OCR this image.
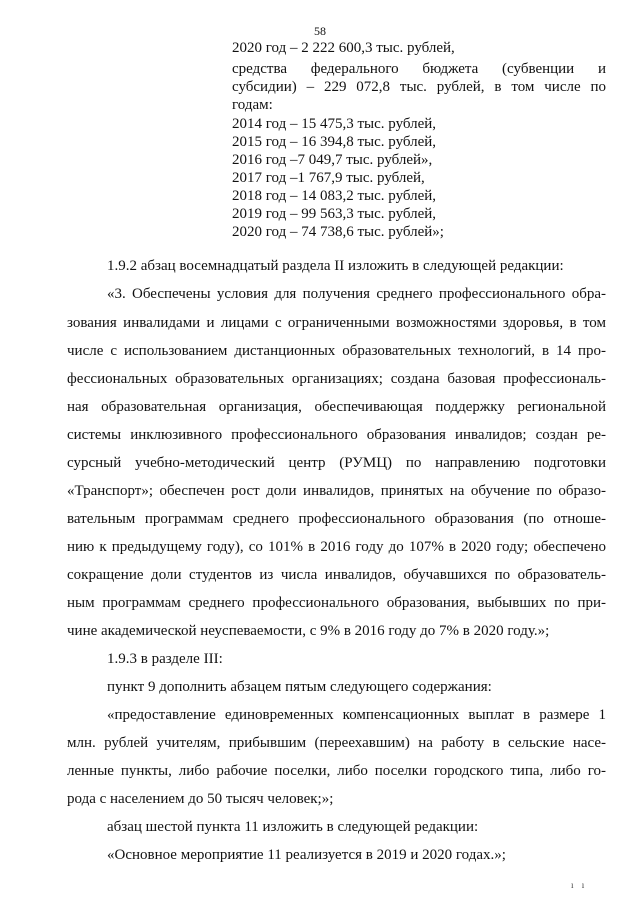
58
2020 год – 2 222 600,3 тыс. рублей,
средства федерального бюджета (субвенции и
субсидии) – 229 072,8 тыс. рублей, в том числе по
годам:
2014 год – 15 475,3 тыс. рублей,
2015 год – 16 394,8 тыс. рублей,
2016 год –7 049,7 тыс. рублей»,
2017 год –1 767,9 тыс. рублей,
2018 год – 14 083,2 тыс. рублей,
2019 год – 99 563,3 тыс. рублей,
2020 год – 74 738,6 тыс. рублей»;
1.9.2 абзац восемнадцатый раздела II изложить в следующей редакции:
«3. Обеспечены условия для получения среднего профессионального обра-
зования инвалидами и лицами с ограниченными возможностями здоровья, в том
числе с использованием дистанционных образовательных технологий, в 14 про-
фессиональных образовательных организациях; создана базовая профессиональ-
ная образовательная организация, обеспечивающая поддержку региональной
системы инклюзивного профессионального образования инвалидов; создан ре-
сурсный учебно-методический центр (РУМЦ) по направлению подготовки
«Транспорт»; обеспечен рост доли инвалидов, принятых на обучение по образо-
вательным программам среднего профессионального образования (по отноше-
нию к предыдущему году), со 101% в 2016 году до 107% в 2020 году; обеспечено
сокращение доли студентов из числа инвалидов, обучавшихся по образователь-
ным программам среднего профессионального образования, выбывших по при-
чине академической неуспеваемости, с 9% в 2016 году до 7% в 2020 году.»;
1.9.3 в разделе III:
пункт 9 дополнить абзацем пятым следующего содержания:
«предоставление единовременных компенсационных выплат в размере 1
млн. рублей учителям, прибывшим (переехавшим) на работу в сельские насе-
ленные пункты, либо рабочие поселки, либо поселки городского типа, либо го-
рода с населением до 50 тысяч человек;»;
абзац шестой пункта 11 изложить в следующей редакции:
«Основное мероприятие 11 реализуется в 2019 и 2020 годах.»;
ı ı
